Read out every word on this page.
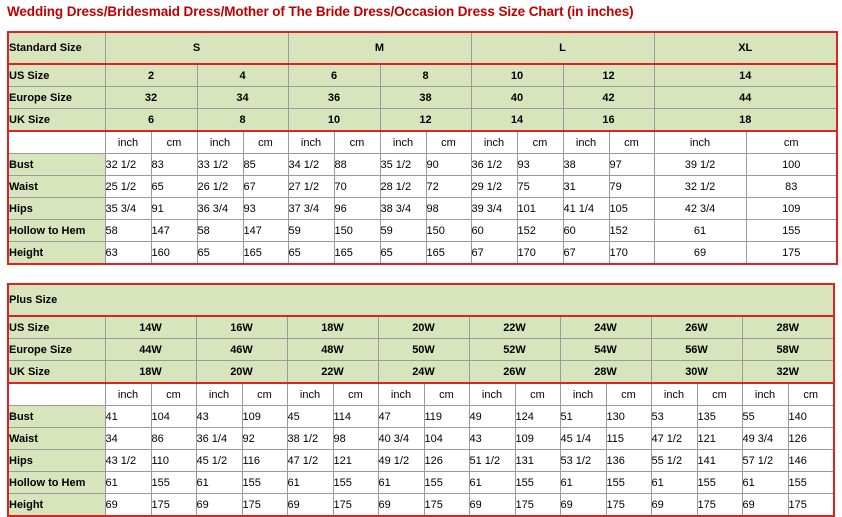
Wedding Dress/Bridesmaid Dress/Mother of The Bride Dress/Occasion Dress Size Chart (in inches)
Standard Size	S				M				L				XL	
US Size	2		4		6		8		10		12		14	
Europe Size	32		34		36		38		40		42		44	
UK Size	6		8		10		12		14		16		18	
	inch	cm	inch	cm	inch	cm	inch	cm	inch	cm	inch	cm	inch	cm
Bust	32 1/2	83	33 1/2	85	34 1/2	88	35 1/2	90	36 1/2	93	38	97	39 1/2	100
Waist	25 1/2	65	26 1/2	67	27 1/2	70	28 1/2	72	29 1/2	75	31	79	32 1/2	83
Hips	35 3/4	91	36 3/4	93	37 3/4	96	38 3/4	98	39 3/4	101	41 1/4	105	42 3/4	109
Hollow to Hem	58	147	58	147	59	150	59	150	60	152	60	152	61	155
Height	63	160	65	165	65	165	65	165	67	170	67	170	69	175
Plus Size																
US Size	14W		16W		18W		20W		22W		24W		26W		28W	
Europe Size	44W		46W		48W		50W		52W		54W		56W		58W	
UK Size	18W		20W		22W		24W		26W		28W		30W		32W	
	inch	cm	inch	cm	inch	cm	inch	cm	inch	cm	inch	cm	inch	cm	inch	cm
Bust	41	104	43	109	45	114	47	119	49	124	51	130	53	135	55	140
Waist	34	86	36 1/4	92	38 1/2	98	40 3/4	104	43	109	45 1/4	115	47 1/2	121	49 3/4	126
Hips	43 1/2	110	45 1/2	116	47 1/2	121	49 1/2	126	51 1/2	131	53 1/2	136	55 1/2	141	57 1/2	146
Hollow to Hem	61	155	61	155	61	155	61	155	61	155	61	155	61	155	61	155
Height	69	175	69	175	69	175	69	175	69	175	69	175	69	175	69	175
